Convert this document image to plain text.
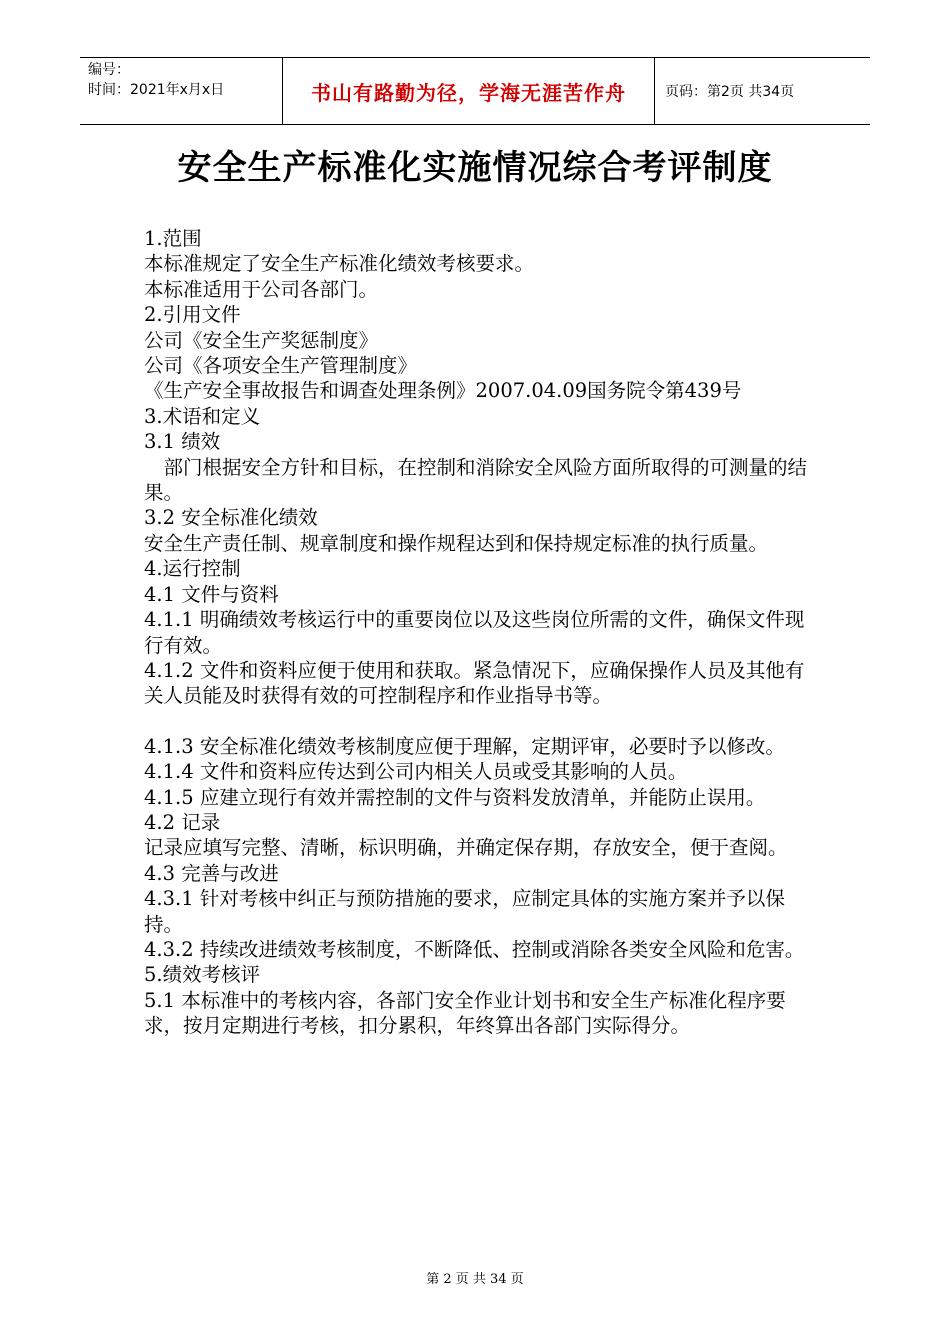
编号：
时间：2021年x月x日	书山有路勤为径，学海无涯苦作舟	页码：第2页 共34页
安全生产标准化实施情况综合考评制度

1.范围

本标准规定了安全生产标准化绩效考核要求。

本标准适用于公司各部门。

2.引用文件

公司《安全生产奖惩制度》

公司《各项安全生产管理制度》

《生产安全事故报告和调查处理条例》2007.04.09国务院令第439号

3.术语和定义

3.1 绩效

部门根据安全方针和目标，在控制和消除安全风险方面所取得的可测量的结果。

3.2 安全标准化绩效

安全生产责任制、规章制度和操作规程达到和保持规定标准的执行质量。

4.运行控制

4.1 文件与资料

4.1.1 明确绩效考核运行中的重要岗位以及这些岗位所需的文件，确保文件现行有效。

4.1.2 文件和资料应便于使用和获取。紧急情况下，应确保操作人员及其他有关人员能及时获得有效的可控制程序和作业指导书等。

4.1.3 安全标准化绩效考核制度应便于理解，定期评审，必要时予以修改。

4.1.4 文件和资料应传达到公司内相关人员或受其影响的人员。

4.1.5 应建立现行有效并需控制的文件与资料发放清单，并能防止误用。

4.2 记录

记录应填写完整、清晰，标识明确，并确定保存期，存放安全，便于查阅。

4.3 完善与改进

4.3.1 针对考核中纠正与预防措施的要求，应制定具体的实施方案并予以保持。

4.3.2 持续改进绩效考核制度，不断降低、控制或消除各类安全风险和危害。

5.绩效考核评

5.1 本标准中的考核内容，各部门安全作业计划书和安全生产标准化程序要求，按月定期进行考核，扣分累积，年终算出各部门实际得分。

第 2 页 共 34 页
